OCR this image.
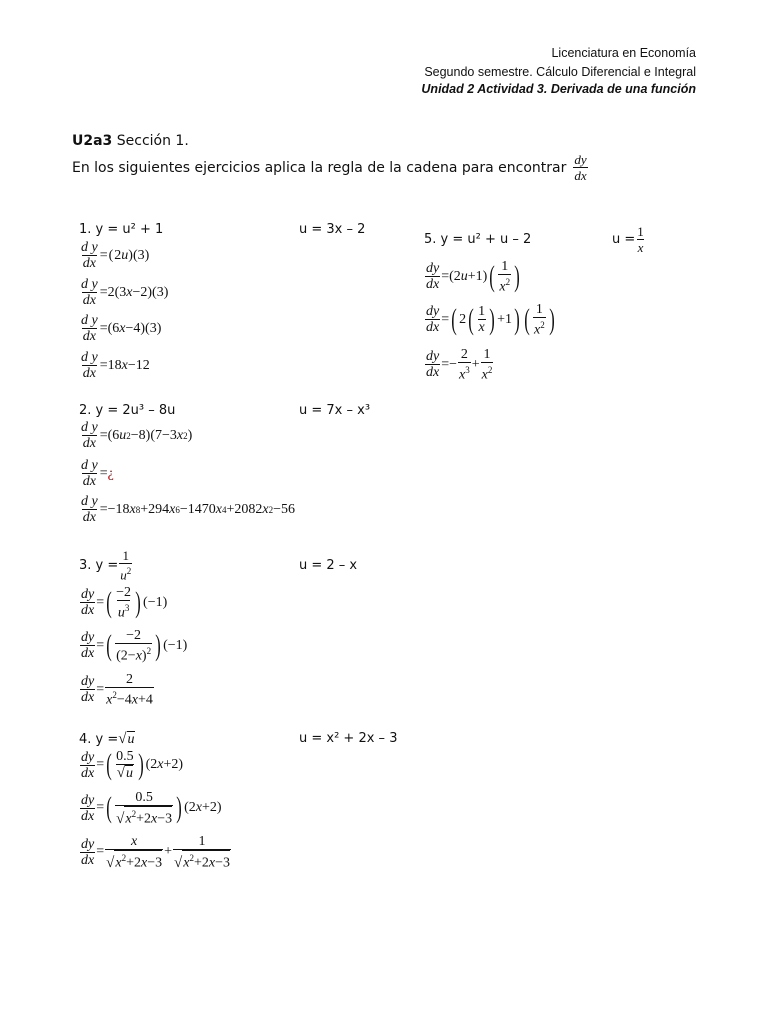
Licenciatura en Economía
Segundo semestre. Cálculo Diferencial e Integral
Unidad 2 Actividad 3. Derivada de una función
U2a3 Sección 1.
En los siguientes ejercicios aplica la regla de la cadena para encontrar $\frac{dy}{dx}$
1. y = u² + 1	u = 3x – 2
$\frac{\text{d y}}{dx}$ = ( 2 u )(3)
$\frac{\text{d y}}{dx} =2(3$ x −2)(3)
$\frac{\text{d y}}{dx} =(6$ x −4)(3)
$\frac{\text{d y}}{dx} =18$ x −12
5. y = u² + u – 2	$u = \frac{1}{x}$
$\frac{dy}{dx} =(2$ u +1) ( $\frac{1}{x^2}$ )
$\frac{dy}{dx}$ = ( 2 ( $\frac{1}{x}$ ) +1 ) ( $\frac{1}{x^2}$ )
$\frac{dy}{dx} =- \frac{2}{x^3} + \frac{1}{x^2}$
2. y = 2u³ – 8u	u = 7x – x³
$\frac{\text{d y}}{dx} =(6$ u 2 −8)(7−3 x 2 )
$\frac{\text{d y}}{dx}$ = ¿
$\frac{\text{d y}}{dx} =-18$ x 8 +294 x 6 −1470 x 4 +2082 x 2 −56
3. $y = \frac{1}{u^2}$	u = 2 – x
$\frac{dy}{dx}$ = ( $\frac{-2}{u^3}$ ) (−1)
$\frac{dy}{dx}$ = ( $\frac{-2}{(2-x)^2}$ ) (−1)
$\frac{dy}{dx} = \frac{2}{x^2-4x+4}$
4. y = √ u	u = x² + 2x – 3
$\frac{dy}{dx}$ = ( $\frac{0.5}{√ u}$ ) (2 x +2)
$\frac{dy}{dx}$ = ( $\frac{0.5}{√ x^2+2x-3}$ ) (2 x +2)
$\frac{dy}{dx} = \frac{x}{√ x^2+2x-3} + \frac{1}{√ x^2+2x-3}$
